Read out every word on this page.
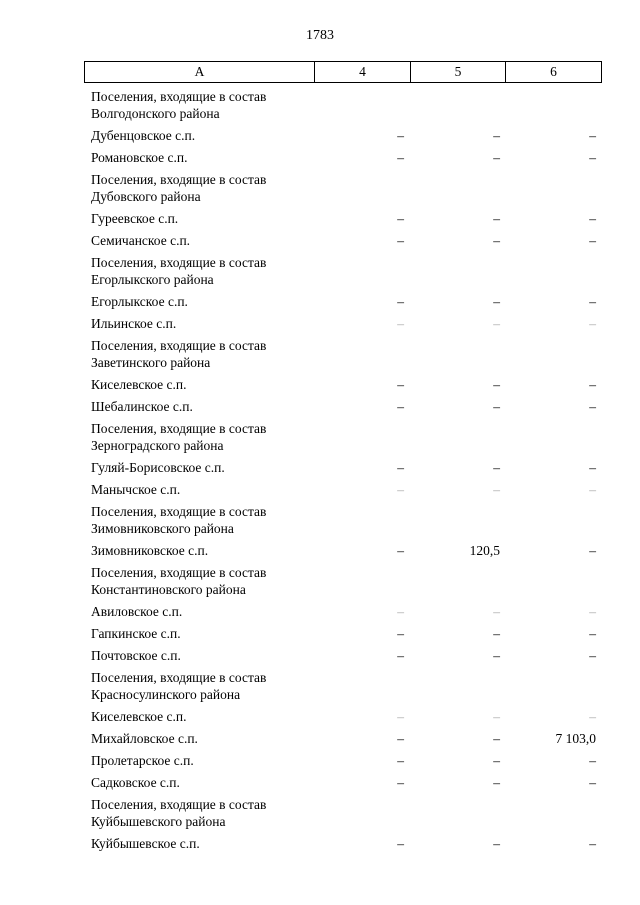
1783
А	4	5	6
Поселения, входящие в состав
Волгодонского района
Дубенцовское с.п.	–	–	–
Романовское с.п.	–	–	–
Поселения, входящие в состав
Дубовского района
Гуреевское с.п.	–	–	–
Семичанское с.п.	–	–	–
Поселения, входящие в состав
Егорлыкского района
Егорлыкское с.п.	–	–	–
Ильинское с.п.	–	–	–
Поселения, входящие в состав
Заветинского района
Киселевское с.п.	–	–	–
Шебалинское с.п.	–	–	–
Поселения, входящие в состав
Зерноградского района
Гуляй-Борисовское с.п.	–	–	–
Манычское с.п.	–	–	–
Поселения, входящие в состав
Зимовниковского района
Зимовниковское с.п.	–	120,5	–
Поселения, входящие в состав
Константиновского района
Авиловское с.п.	–	–	–
Гапкинское с.п.	–	–	–
Почтовское с.п.	–	–	–
Поселения, входящие в состав
Красносулинского района
Киселевское с.п.	–	–	–
Михайловское с.п.	–	–	7 103,0
Пролетарское с.п.	–	–	–
Садковское с.п.	–	–	–
Поселения, входящие в состав
Куйбышевского района
Куйбышевское с.п.	–	–	–
